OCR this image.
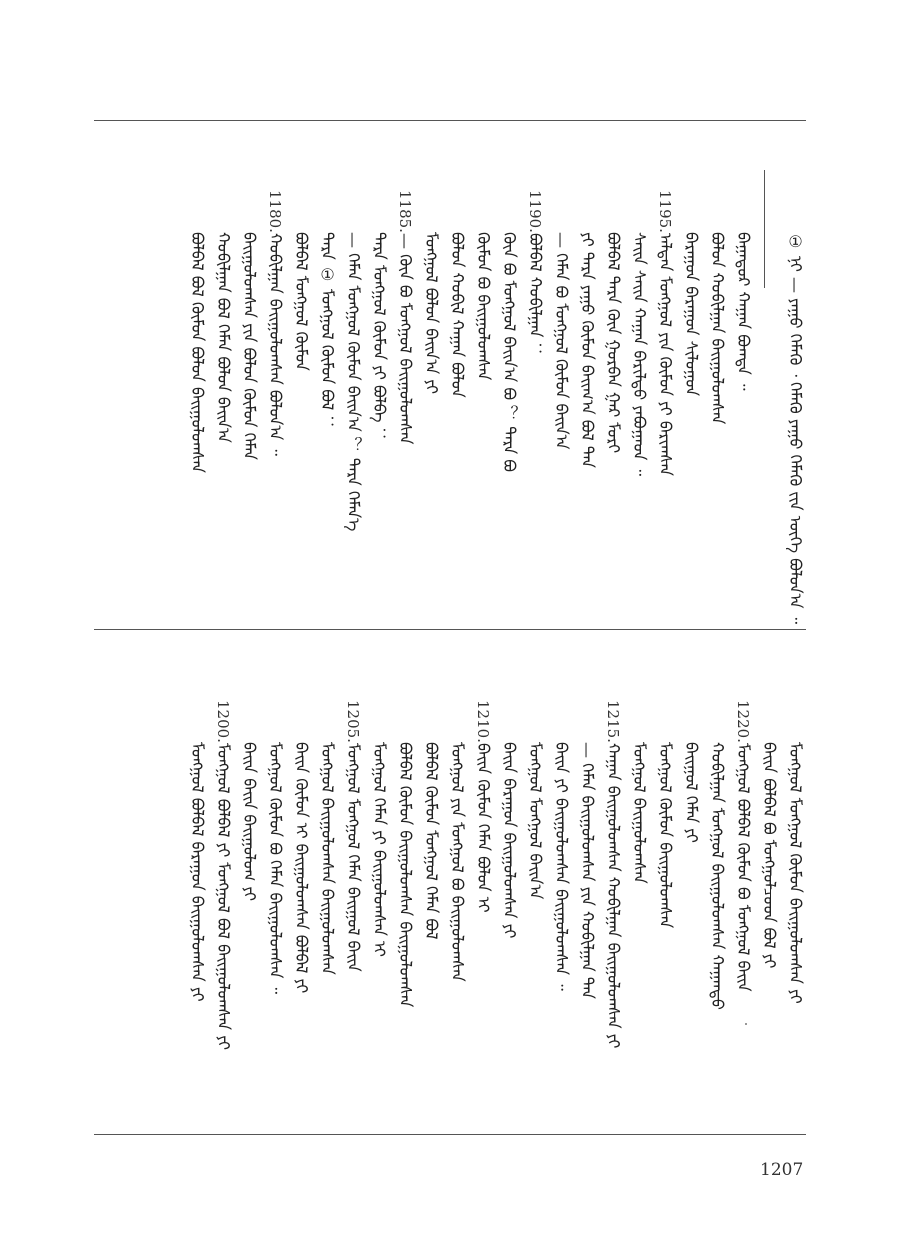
① ᠨᠢ — ᠶᠠᠭᠤ ᠬᠡᠮᠡᠬᠦ ᠂ ᠬᠡᠮᠡᠬᠦ ᠶᠠᠭᠤ ᠬᠡᠮᠡᠬᠦ ᠵᠢᠨ ᠦᠭᠡ ᠪᠣᠯᠤᠨ᠎ᠠ ᠃
ᠪᠠᠭᠠᠲᠤᠷ ᠬᠠᠭᠠᠨ ᠪᠣᠭᠳᠠ ᠃
ᠪᠣᠯᠤᠨ ᠬᠤᠪᠢᠯᠭᠠᠨ ᠪᠠᠢᠭᠤᠯᠤᠭᠰᠠᠨ
ᠪᠠᠷᠠᠭᠤᠨ ᠪᠠᠷᠠᠭᠤᠨ ᠰᠢᠯᠤᠭᠤᠨ
1195.ᠠᠯᠲᠠᠨ ᠮᠣᠩᠭᠣᠯ ᠶᠢᠨ ᠬᠦᠮᠦᠨ ᠶᠢ ᠪᠠᠷᠢᠭᠰᠠᠨ
ᠰᠠᠢᠨ ᠰᠠᠢᠨ ᠬᠠᠭᠠᠨ ᠪᠠᠷᠢᠯᠳᠤ ᠶᠠᠪᠤᠭᠠᠳ ᠃
ᠪᠣᠯᠪᠠᠯ ᠲᠡᠷᠡ ᠬᠦᠨ ᠭᠤᠷᠪᠠᠨ ᠭᠠᠷ ᠮᠣᠷᠢ
ᠶᠢ ᠲᠡᠷᠡ ᠶᠠᠭᠤ ᠬᠦᠮᠦᠨ ᠪᠠᠢᠭ᠎ᠠ ᠪᠣᠯ ᠲᠠᠨ
— ᠬᠡᠮᠡᠨ ᠪᠣ ᠮᠣᠩᠭᠣᠯ ᠬᠦᠮᠦᠨ ᠪᠠᠢᠨ᠎ᠠ
1190.ᠪᠣᠯᠪᠠᠯ ᠬᠤᠪᠢᠯᠭᠠᠨ ：
ᠬᠦᠨ ᠪᠣ ᠮᠣᠩᠭᠣᠯ ᠪᠠᠢᠨ᠎ᠠ ᠪᠣ ？ ᠲᠡᠷᠡ ᠪᠣ
ᠬᠦᠮᠦᠨ ᠪᠣ ᠪᠠᠢᠭᠤᠯᠤᠭᠰᠠᠨ
ᠪᠣᠯᠤᠨ ᠬᠤᠪᠢᠯ ᠬᠠᠭᠠᠨ ᠪᠣᠯᠤᠨ
ᠮᠣᠩᠭᠣᠯ ᠪᠣᠯᠤᠨ ᠪᠠᠢᠨ᠎ᠠ ᠶᠢ
1185.— ᠬᠦᠨ ᠪᠣ ᠮᠣᠩᠭᠣᠯ ᠪᠠᠢᠭᠤᠯᠤᠭᠰᠠᠨ
ᠲᠡᠷᠡ ᠮᠣᠩᠭᠣᠯ ᠬᠦᠮᠦᠨ ᠶᠢ ᠪᠣᠯᠪᠠ ：
— ᠬᠡᠮᠡᠨ ᠮᠣᠩᠭᠣᠯ ᠬᠦᠮᠦᠨ ᠪᠠᠢᠨ᠎ᠠ ？ ᠲᠡᠷᠡ ᠬᠡᠮᠡᠨ᠎ᠡ
ᠲᠡᠷᠡ ① ᠮᠣᠩᠭᠣᠯ ᠬᠦᠮᠦᠨ ᠪᠣᠯ ：
ᠪᠣᠯᠪᠠᠯ ᠮᠣᠩᠭᠣᠯ ᠬᠦᠮᠦᠨ
1180.ᠬᠤᠪᠢᠯᠭᠠᠨ ᠪᠠᠢᠭᠤᠯᠤᠭᠰᠠᠨ ᠪᠣᠯᠤᠨ᠎ᠠ ᠃
ᠪᠠᠢᠭᠤᠯᠤᠭᠰᠠᠨ ᠶᠢᠨ ᠪᠣᠯᠤᠨ ᠬᠦᠮᠦᠨ ᠬᠡᠮᠡᠨ
ᠬᠤᠪᠢᠯᠭᠠᠨ ᠪᠣᠯ ᠬᠡᠮᠡᠨ ᠪᠣᠯᠤᠨ ᠪᠠᠢᠨ᠎ᠠ
ᠪᠣᠯᠪᠠᠯ ᠪᠣᠯ ᠬᠦᠮᠦᠨ ᠪᠣᠯᠤᠨ ᠪᠠᠢᠭᠤᠯᠤᠭᠰᠠᠨ
ᠮᠣᠩᠭᠣᠯ ᠮᠣᠩᠭᠣᠯ ᠬᠦᠮᠦᠨ ᠪᠠᠢᠭᠤᠯᠤᠭᠰᠠᠨ ᠶᠢ
ᠪᠠᠢᠨ ᠪᠣᠯᠪᠠᠯ ᠪᠣ ᠮᠣᠩᠭᠣᠯᠴᠤᠳ ᠪᠣᠯ ᠶᠢ
1220.ᠮᠣᠩᠭᠣᠯ ᠪᠣᠯᠪᠠᠯ ᠬᠦᠮᠦᠨ ᠪᠣ ᠮᠣᠩᠭᠣᠯ ᠪᠠᠢᠨ
ᠬᠤᠪᠢᠯᠭᠠᠨ ᠮᠣᠩᠭᠣᠯ ᠪᠠᠢᠭᠤᠯᠤᠭᠰᠠᠨ ᠬᠠᠭᠠᠨᠲᠤ
ᠪᠠᠢᠭᠤᠯ ᠬᠡᠮᠡᠨ ᠶᠢ
ᠮᠣᠩᠭᠣᠯ ᠬᠦᠮᠦᠨ ᠪᠠᠢᠭᠤᠯᠤᠭᠰᠠᠨ
ᠮᠣᠩᠭᠣᠯ ᠪᠠᠢᠭᠤᠯᠤᠭᠰᠠᠨ
1215.ᠬᠠᠭᠠᠨ ᠪᠠᠢᠭᠤᠯᠤᠭᠰᠠᠨ ᠬᠤᠪᠢᠯᠭᠠᠨ ᠪᠠᠢᠭᠤᠯᠤᠭᠰᠠᠨ ᠶᠢ
— ᠬᠡᠮᠡᠨ ᠪᠠᠢᠭᠤᠯᠤᠭᠰᠠᠨ ᠶᠢᠨ ᠬᠤᠪᠢᠯᠭᠠᠨ ᠲᠠᠨ
ᠪᠠᠢᠨ ᠶᠢ ᠪᠠᠢᠭᠤᠯᠤᠭᠰᠠᠨ ᠪᠠᠢᠭᠤᠯᠤᠭᠰᠠᠨ ᠃
ᠮᠣᠩᠭᠣᠯ ᠮᠣᠩᠭᠣᠯ ᠪᠠᠢᠨ᠎ᠠ
ᠪᠠᠢᠨ ᠪᠠᠷᠠᠭᠤᠨ ᠪᠠᠢᠭᠤᠯᠤᠭᠰᠠᠨ ᠶᠢ
1210.ᠪᠠᠢᠨ ᠬᠦᠮᠦᠨ ᠬᠡᠮᠡᠨ ᠪᠣᠯᠤᠨ ᠢ
ᠮᠣᠩᠭᠣᠯ ᠶᠢᠨ ᠮᠣᠩᠭᠣᠯ ᠪᠣ ᠪᠠᠢᠭᠤᠯᠤᠭᠰᠠᠨ
ᠪᠣᠯᠪᠠᠯ ᠬᠦᠮᠦᠨ ᠮᠣᠩᠭᠣᠯ ᠬᠡᠮᠡᠨ ᠪᠣᠯ
ᠪᠣᠯᠪᠠᠯ ᠬᠦᠮᠦᠨ ᠪᠠᠢᠭᠤᠯᠤᠭᠰᠠᠨ ᠪᠠᠢᠭᠤᠯᠤᠭᠰᠠᠨ
ᠮᠣᠩᠭᠣᠯ ᠬᠡᠮᠡᠨ ᠶᠢ ᠪᠠᠢᠭᠤᠯᠤᠭᠰᠠᠨ ᠢ
1205.ᠮᠣᠩᠭᠣᠯ ᠮᠣᠩᠭᠣᠯ ᠬᠡᠮᠡᠨ ᠪᠠᠢᠭᠤᠯ ᠪᠠᠢᠨ
ᠮᠣᠩᠭᠣᠯ ᠪᠠᠢᠭᠤᠯᠤᠭᠰᠠᠨ ᠪᠠᠢᠭᠤᠯᠤᠭᠰᠠᠨ
ᠪᠠᠢᠨ ᠬᠦᠮᠦᠨ ᠢ ᠪᠠᠢᠭᠤᠯᠤᠭᠰᠠᠨ ᠪᠣᠯᠪᠠᠯ ᠶᠢ
ᠮᠣᠩᠭᠣᠯ ᠬᠦᠮᠦᠨ ᠪᠣ ᠬᠡᠮᠡᠨ ᠪᠠᠢᠭᠤᠯᠤᠭᠰᠠᠨ ᠃
ᠪᠠᠢᠨ ᠪᠠᠢᠨ ᠪᠠᠢᠭᠤᠯᠤᠭ ᠶᠢ
1200.ᠮᠣᠩᠭᠣᠯ ᠪᠣᠯᠪᠠᠯ ᠶᠢ ᠮᠣᠩᠭᠣᠯ ᠪᠣᠯ ᠪᠠᠢᠭᠤᠯᠤᠭᠰᠠᠨ ᠶᠢ
ᠮᠣᠩᠭᠣᠯ ᠪᠣᠯᠪᠠᠯ ᠪᠠᠷᠠᠭᠤᠨ ᠪᠠᠢᠭᠤᠯᠤᠭᠰᠠᠨ ᠶᠢ
1207
